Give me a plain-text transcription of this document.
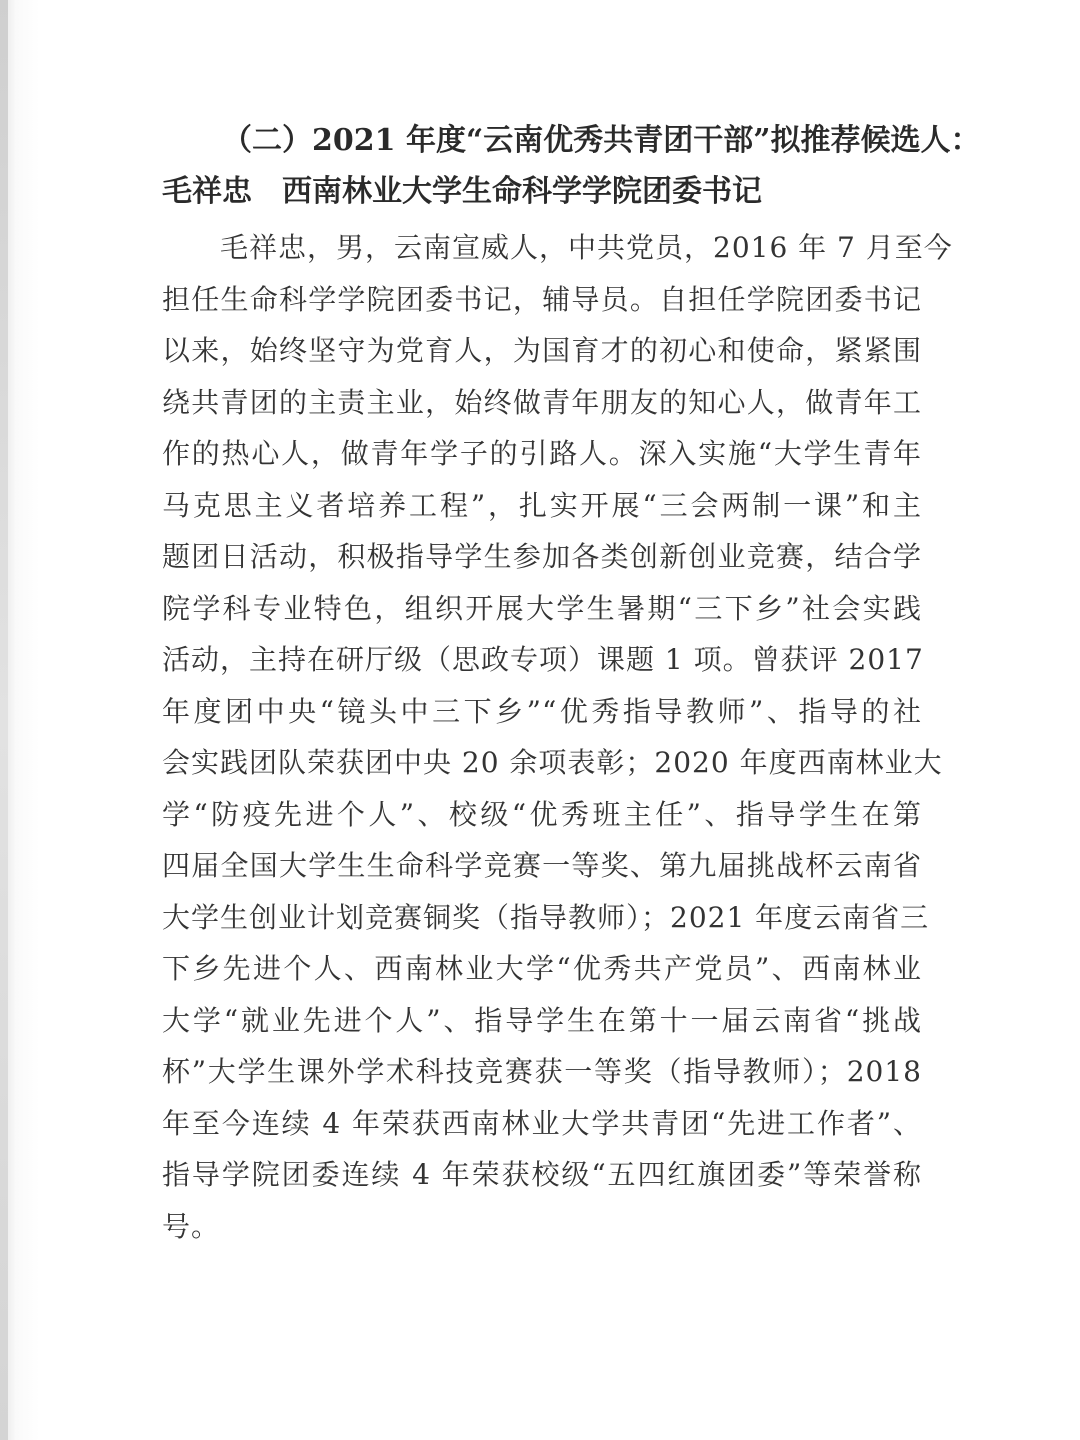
（二）2021 年度“云南优秀共青团干部”拟推荐候选人：

毛祥忠 西南林业大学生命科学学院团委书记

　　毛祥忠，男，云南宣威人，中共党员，2016 年 7 月至今
担任生命科学学院团委书记，辅导员。自担任学院团委书记
以来，始终坚守为党育人，为国育才的初心和使命，紧紧围
绕共青团的主责主业，始终做青年朋友的知心人，做青年工
作的热心人，做青年学子的引路人。深入实施“大学生青年
马克思主义者培养工程”，扎实开展“三会两制一课”和主
题团日活动，积极指导学生参加各类创新创业竞赛，结合学
院学科专业特色，组织开展大学生暑期“三下乡”社会实践
活动，主持在研厅级（思政专项）课题 1 项。曾获评 2017
年度团中央“镜头中三下乡”“优秀指导教师”、指导的社
会实践团队荣获团中央 20 余项表彰；2020 年度西南林业大
学“防疫先进个人”、校级“优秀班主任”、指导学生在第
四届全国大学生生命科学竞赛一等奖、第九届挑战杯云南省
大学生创业计划竞赛铜奖（指导教师）；2021 年度云南省三
下乡先进个人、西南林业大学“优秀共产党员”、西南林业
大学“就业先进个人”、指导学生在第十一届云南省“挑战
杯”大学生课外学术科技竞赛获一等奖（指导教师）；2018
年至今连续 4 年荣获西南林业大学共青团“先进工作者”、
指导学院团委连续 4 年荣获校级“五四红旗团委”等荣誉称
号。
